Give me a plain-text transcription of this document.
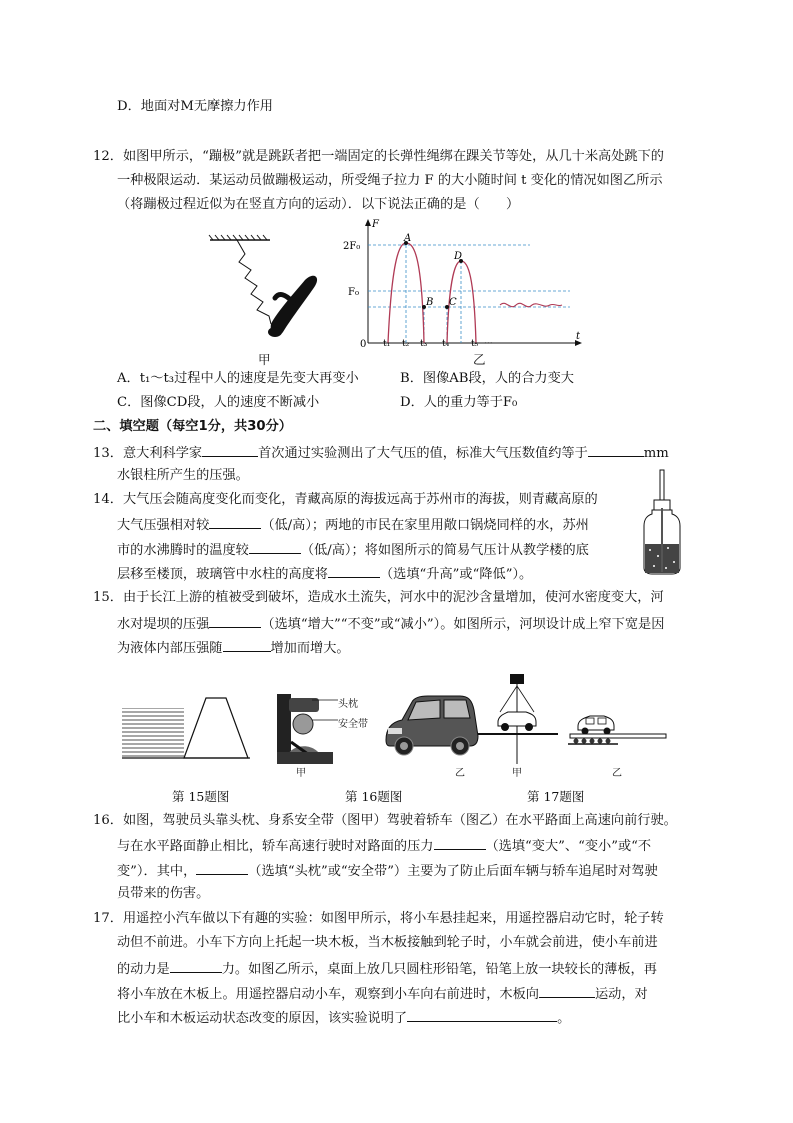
D．地面对M无摩擦力作用
12．如图甲所示，“蹦极”就是跳跃者把一端固定的长弹性绳绑在踝关节等处，从几十米高处跳下的
一种极限运动．某运动员做蹦极运动，所受绳子拉力 F 的大小随时间 t 变化的情况如图乙所示
（将蹦极过程近似为在竖直方向的运动）．以下说法正确的是（　　）
甲
F
t
0
2F₀
F₀
A
B C
D
t₁ t₂ t₃ t₄ t₅ ···
乙
A．t₁～t₃过程中人的速度是先变大再变小	B．图像AB段，人的合力变大
C．图像CD段，人的速度不断减小	D．人的重力等于F₀
二、填空题（每空1分，共30分）
13．意大利科学家	首次通过实验测出了大气压的值，标准大气压数值约等于	mm
水银柱所产生的压强。
14．大气压会随高度变化而变化，青藏高原的海拔远高于苏州市的海拔，则青藏高原的
大气压强相对较	（低/高）；两地的市民在家里用敞口锅烧同样的水，苏州
市的水沸腾时的温度较	（低/高）；将如图所示的简易气压计从教学楼的底
层移至楼顶，玻璃管中水柱的高度将	（选填“升高”或“降低”）。
15．由于长江上游的植被受到破坏，造成水土流失，河水中的泥沙含量增加，使河水密度变大，河
水对堤坝的压强	（选填“增大”“不变”或“减小”）。如图所示，河坝设计成上窄下宽是因
为液体内部压强随	增加而增大。
第 15题图
头枕
安全带
甲	乙
第 16题图
甲	乙
第 17题图
16．如图，驾驶员头靠头枕、身系安全带（图甲）驾驶着轿车（图乙）在水平路面上高速向前行驶。
与在水平路面静止相比，轿车高速行驶时对路面的压力	（选填“变大”、“变小”或“不
变”）．其中，	（选填“头枕”或“安全带”）主要为了防止后面车辆与轿车追尾时对驾驶
员带来的伤害。
17．用遥控小汽车做以下有趣的实验：如图甲所示，将小车悬挂起来，用遥控器启动它时，轮子转
动但不前进。小车下方向上托起一块木板，当木板接触到轮子时，小车就会前进，使小车前进
的动力是	力。如图乙所示，桌面上放几只圆柱形铅笔，铅笔上放一块较长的薄板，再
将小车放在木板上。用遥控器启动小车，观察到小车向右前进时，木板向	运动，对
比小车和木板运动状态改变的原因，该实验说明了	。
